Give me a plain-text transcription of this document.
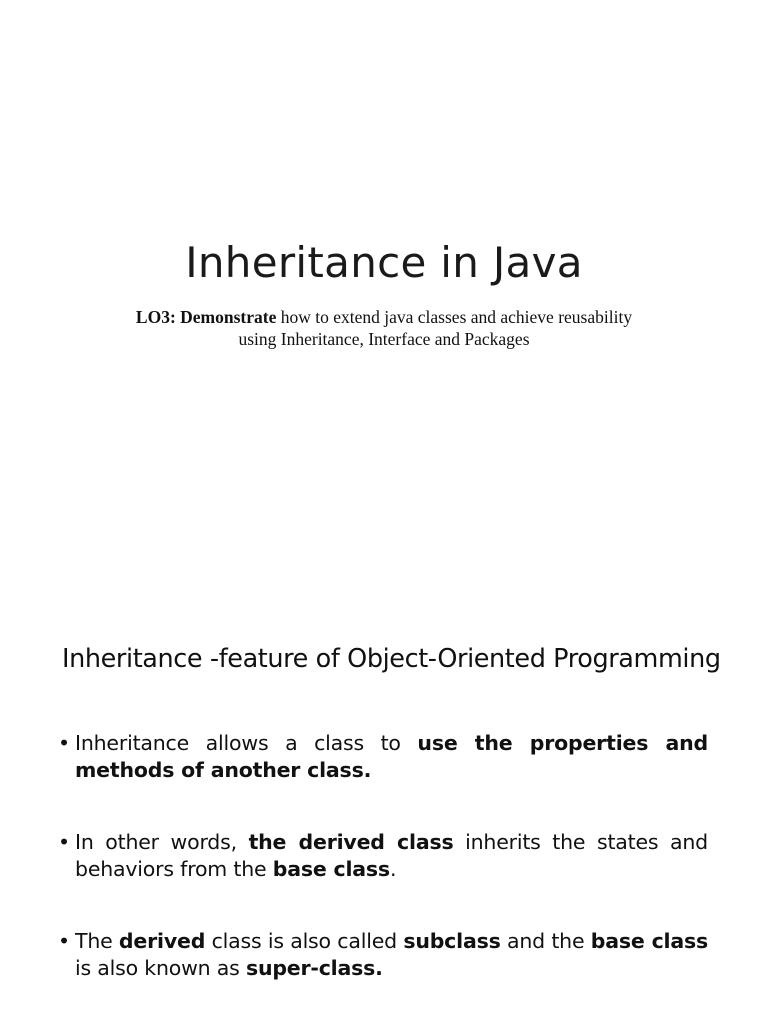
Inheritance in Java
LO3: Demonstrate how to extend java classes and achieve reusability
using Inheritance, Interface and Packages
Inheritance -feature of Object-Oriented Programming
• Inheritance allows a class to use the properties and methods of another class.
• In other words, the derived class inherits the states and behaviors from the base class.
• The derived class is also called subclass and the base class is also known as super-class.
